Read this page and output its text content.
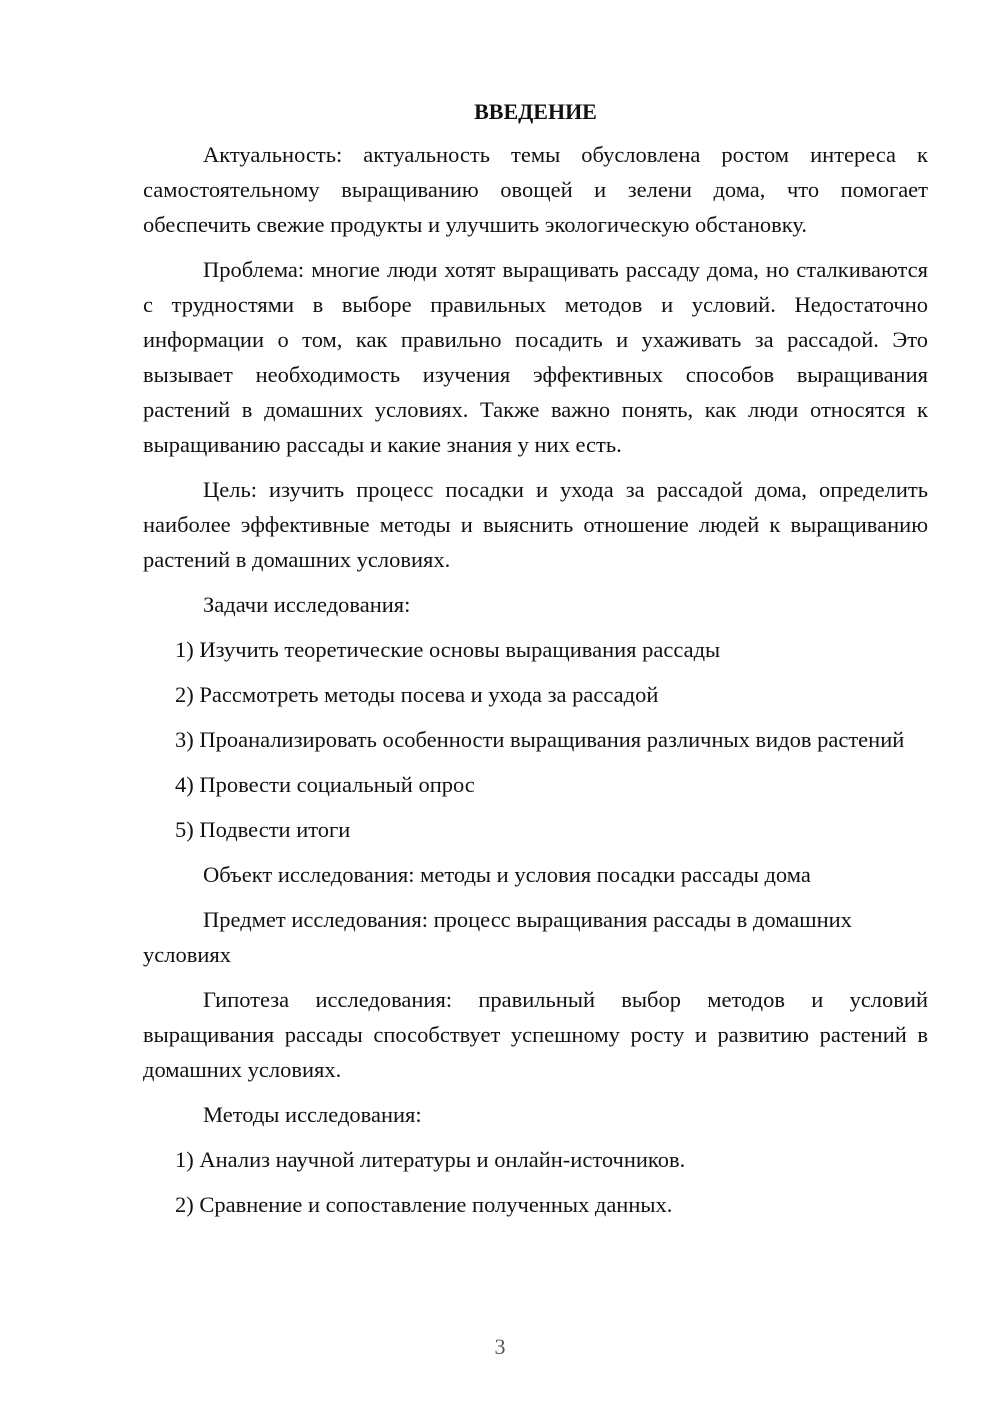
ВВЕДЕНИЕ

Актуальность: актуальность темы обусловлена ростом интереса к самостоятельному выращиванию овощей и зелени дома, что помогает обеспечить свежие продукты и улучшить экологическую обстановку.

Проблема: многие люди хотят выращивать рассаду дома, но сталкиваются с трудностями в выборе правильных методов и условий. Недостаточно информации о том, как правильно посадить и ухаживать за рассадой. Это вызывает необходимость изучения эффективных способов выращивания растений в домашних условиях. Также важно понять, как люди относятся к выращиванию рассады и какие знания у них есть.

Цель: изучить процесс посадки и ухода за рассадой дома, определить наиболее эффективные методы и выяснить отношение людей к выращиванию растений в домашних условиях.

Задачи исследования:

1) Изучить теоретические основы выращивания рассады

2) Рассмотреть методы посева и ухода за рассадой

3) Проанализировать особенности выращивания различных видов растений

4) Провести социальный опрос

5) Подвести итоги

Объект исследования: методы и условия посадки рассады дома

Предмет исследования: процесс выращивания рассады в домашних условиях

Гипотеза исследования: правильный выбор методов и условий выращивания рассады способствует успешному росту и развитию растений в домашних условиях.

Методы исследования:

1) Анализ научной литературы и онлайн-источников.

2) Сравнение и сопоставление полученных данных.

3
